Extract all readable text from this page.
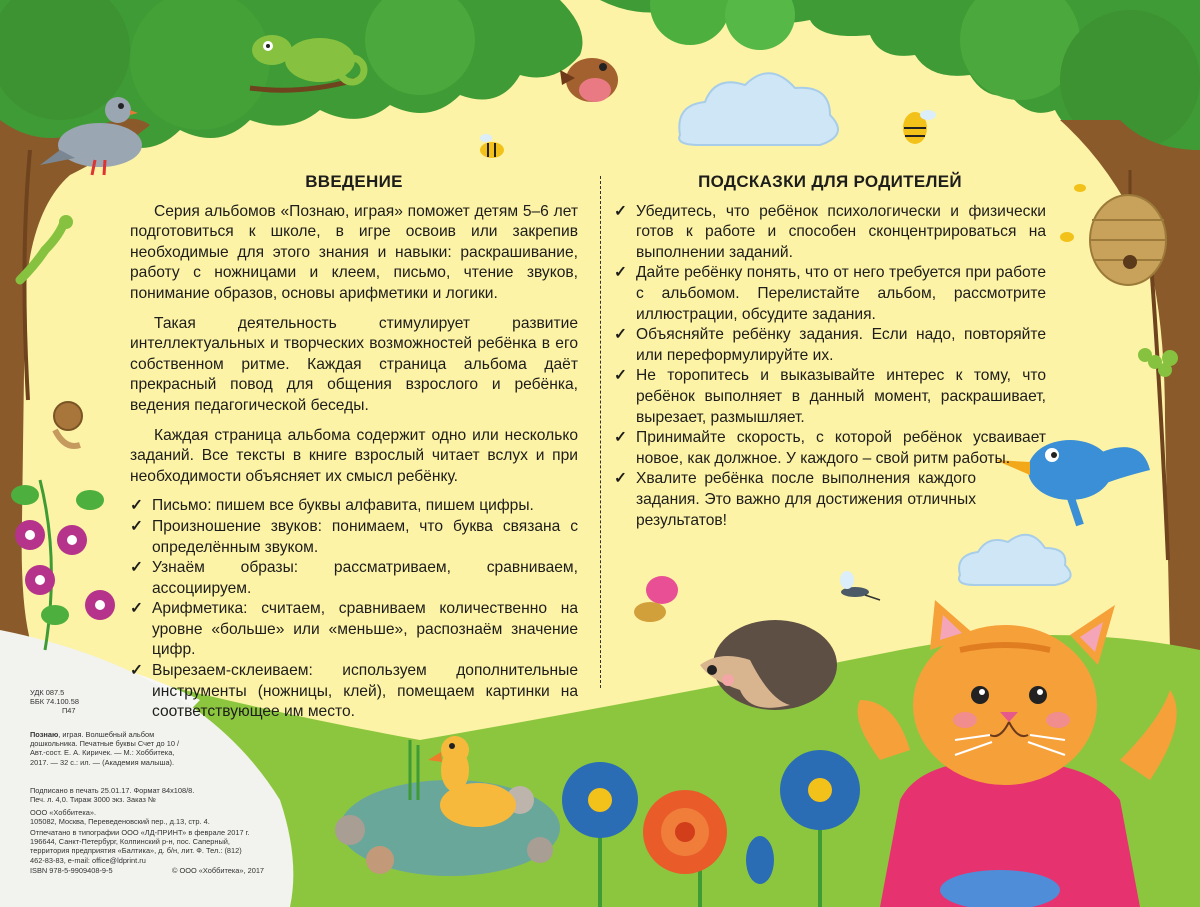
ВВЕДЕНИЕ

Серия альбомов «Познаю, играя» поможет детям 5–6 лет подготовиться к школе, в игре освоив или закрепив необходимые для этого знания и навыки: раскрашивание, работу с ножницами и клеем, письмо, чтение звуков, понимание образов, основы арифметики и логики.

Такая деятельность стимулирует развитие интеллектуальных и творческих возможностей ребёнка в его собственном ритме. Каждая страница альбома даёт прекрасный повод для общения взрослого и ребёнка, ведения педагогической беседы.

Каждая страница альбома содержит одно или несколько заданий. Все тексты в книге взрослый читает вслух и при необходимости объясняет их смысл ребёнку.

✓ Письмо: пишем все буквы алфавита, пишем цифры.
✓ Произношение звуков: понимаем, что буква связана с определённым звуком.
✓ Узнаём образы: рассматриваем, сравниваем, ассоциируем.
✓ Арифметика: считаем, сравниваем количественно на уровне «больше» или «меньше», распознаём значение цифр.
✓ Вырезаем-склеиваем: используем дополнительные инструменты (ножницы, клей), помещаем картинки на соответствующее им место.
ПОДСКАЗКИ ДЛЯ РОДИТЕЛЕЙ
✓ Убедитесь, что ребёнок психологически и физически готов к работе и способен сконцентрироваться на выполнении заданий.
✓ Дайте ребёнку понять, что от него требуется при работе с альбомом. Перелистайте альбом, рассмотрите иллюстрации, обсудите задания.
✓ Объясняйте ребёнку задания. Если надо, повторяйте или переформулируйте их.
✓ Не торопитесь и выказывайте интерес к тому, что ребёнок выполняет в данный момент, раскрашивает, вырезает, размышляет.
✓ Принимайте скорость, с которой ребёнок усваивает новое, как должное. У каждого – свой ритм работы.
✓ Хвалите ребёнка после выполнения каждого задания. Это важно для достижения отличных результатов!
УДК 087.5
ББК 74.100.58
П47
Познаю, играя. Волшебный альбом дошкольника. Печатные буквы Счет до 10 / Авт.-сост. Е. А. Киричек. — М.: Хоббитека, 2017. — 32 с.: ил. — (Академия малыша).
Подписано в печать 25.01.17. Формат 84х108/8. Печ. л. 4,0. Тираж 3000 экз. Заказ №
ООО «Хоббитека».
105082, Москва, Переведеновский пер., д.13, стр. 4.
Отпечатано в типографии ООО «ЛД-ПРИНТ» в феврале 2017 г. 196644, Санкт-Петербург, Колпинский р-н, пос. Саперный, территория предприятия «Балтика», д. б/н, лит. Ф. Тел.: (812) 462-83-83, e-mail: office@ldprint.ru
ISBN 978-5-9909408-9-5	© ООО «Хоббитека», 2017
